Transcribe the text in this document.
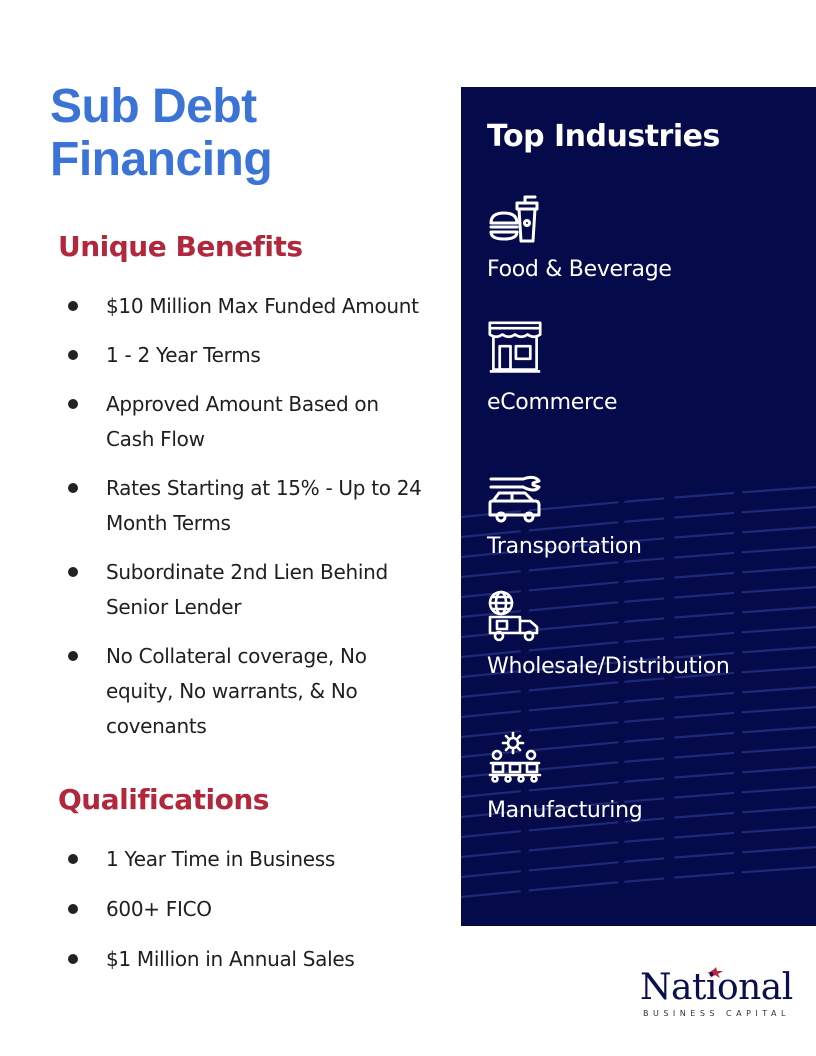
Sub Debt
Financing
Unique Benefits
$10 Million Max Funded Amount
1 - 2 Year Terms
Approved Amount Based on Cash Flow
Rates Starting at 15% - Up to 24 Month Terms
Subordinate 2nd Lien Behind Senior Lender
No Collateral coverage, No equity, No warrants, & No covenants
Qualifications
1 Year Time in Business
600+ FICO
$1 Million in Annual Sales
Top Industries
Food & Beverage
eCommerce
Transportation
Wholesale/Distribution
Manufacturing
National
BUSINESS CAPITAL
